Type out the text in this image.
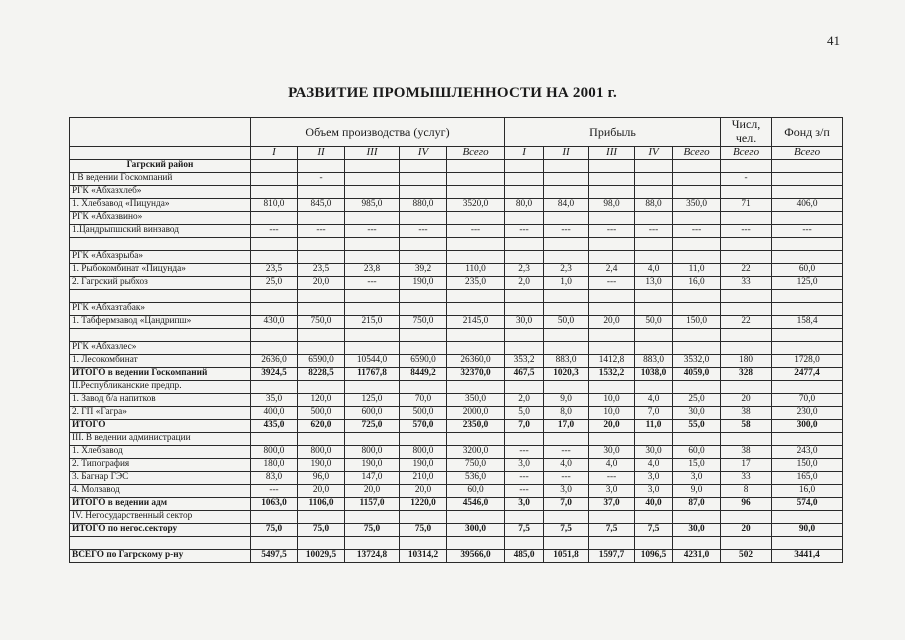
41
РАЗВИТИЕ ПРОМЫШЛЕННОСТИ НА 2001 г.
	Объем производства (услуг)					Прибыль					Числ, чел.	Фонд з/п
	I	II	III	IV	Всего	I	II	III	IV	Всего	Всего	Всего
Гагрский район												
I В ведении Госкомпаний		-									-	
РГК «Абхазхлеб»												
1. Хлебзавод «Пицунда»	810,0	845,0	985,0	880,0	3520,0	80,0	84,0	98,0	88,0	350,0	71	406,0
РГК «Абхазвино»												
1.Цандрыпшский винзавод	---	---	---	---	---	---	---	---	---	---	---	---

РГК «Абхазрыба»												
1. Рыбокомбинат «Пицунда»	23,5	23,5	23,8	39,2	110,0	2,3	2,3	2,4	4,0	11,0	22	60,0
2. Гагрский рыбхоз	25,0	20,0	---	190,0	235,0	2,0	1,0	---	13,0	16,0	33	125,0

РГК «Абхазтабак»												
1. Табфермзавод «Цандрипш»	430,0	750,0	215,0	750,0	2145,0	30,0	50,0	20,0	50,0	150,0	22	158,4

РГК «Абхазлес»												
1. Лесокомбинат	2636,0	6590,0	10544,0	6590,0	26360,0	353,2	883,0	1412,8	883,0	3532,0	180	1728,0
ИТОГО в ведении Госкомпаний	3924,5	8228,5	11767,8	8449,2	32370,0	467,5	1020,3	1532,2	1038,0	4059,0	328	2477,4
II.Республиканские предпр.												
1. Завод б/а напитков	35,0	120,0	125,0	70,0	350,0	2,0	9,0	10,0	4,0	25,0	20	70,0
2. ГП «Гагра»	400,0	500,0	600,0	500,0	2000,0	5,0	8,0	10,0	7,0	30,0	38	230,0
ИТОГО	435,0	620,0	725,0	570,0	2350,0	7,0	17,0	20,0	11,0	55,0	58	300,0
III. В ведении администрации												
1. Хлебзавод	800,0	800,0	800,0	800,0	3200,0	---	---	30,0	30,0	60,0	38	243,0
2. Типография	180,0	190,0	190,0	190,0	750,0	3,0	4,0	4,0	4,0	15,0	17	150,0
3. Багнар ГЭС	83,0	96,0	147,0	210,0	536,0	---	---	---	3,0	3,0	33	165,0
4. Молзавод	---	20,0	20,0	20,0	60,0	---	3,0	3,0	3,0	9,0	8	16,0
ИТОГО в ведении адм	1063,0	1106,0	1157,0	1220,0	4546,0	3,0	7,0	37,0	40,0	87,0	96	574,0
IV. Негосударственный сектор												
ИТОГО по негос.сектору	75,0	75,0	75,0	75,0	300,0	7,5	7,5	7,5	7,5	30,0	20	90,0

ВСЕГО по Гагрскому р-ну	5497,5	10029,5	13724,8	10314,2	39566,0	485,0	1051,8	1597,7	1096,5	4231,0	502	3441,4
